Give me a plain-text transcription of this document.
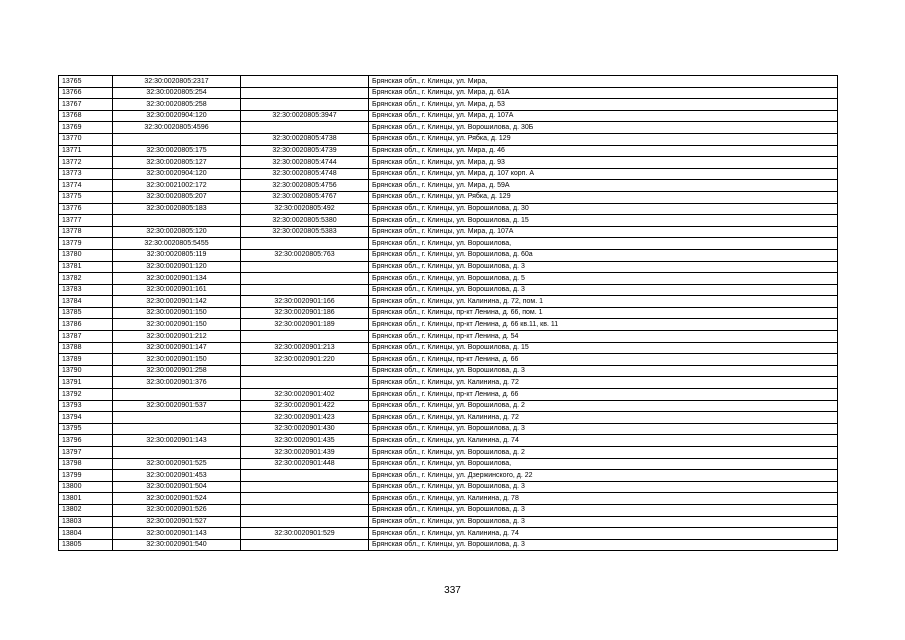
13765	32:30:0020805:2317		Брянская обл., г. Клинцы, ул. Мира,
13766	32:30:0020805:254		Брянская обл., г. Клинцы, ул. Мира, д. 61А
13767	32:30:0020805:258		Брянская обл., г. Клинцы, ул. Мира, д. 53
13768	32:30:0020904:120	32:30:0020805:3947	Брянская обл., г. Клинцы, ул. Мира, д. 107А
13769	32:30:0020805:4596		Брянская обл., г. Клинцы, ул. Ворошилова, д. 30Б
13770		32:30:0020805:4738	Брянская обл., г. Клинцы, ул. Рябка, д. 129
13771	32:30:0020805:175	32:30:0020805:4739	Брянская обл., г. Клинцы, ул. Мира, д. 46
13772	32:30:0020805:127	32:30:0020805:4744	Брянская обл., г. Клинцы, ул. Мира, д. 93
13773	32:30:0020904:120	32:30:0020805:4748	Брянская обл., г. Клинцы, ул. Мира, д. 107 корп. А
13774	32:30:0021002:172	32:30:0020805:4756	Брянская обл., г. Клинцы, ул. Мира, д. 59А
13775	32:30:0020805:207	32:30:0020805:4767	Брянская обл., г. Клинцы, ул. Рябка, д. 129
13776	32:30:0020805:183	32:30:0020805:492	Брянская обл., г. Клинцы, ул. Ворошилова, д. 30
13777		32:30:0020805:5380	Брянская обл., г. Клинцы, ул. Ворошилова, д. 15
13778	32:30:0020805:120	32:30:0020805:5383	Брянская обл., г. Клинцы, ул. Мира, д. 107А
13779	32:30:0020805:5455		Брянская обл., г. Клинцы, ул. Ворошилова,
13780	32:30:0020805:119	32:30:0020805:763	Брянская обл., г. Клинцы, ул. Ворошилова, д. 60а
13781	32:30:0020901:120		Брянская обл., г. Клинцы, ул. Ворошилова, д. 3
13782	32:30:0020901:134		Брянская обл., г. Клинцы, ул. Ворошилова, д. 5
13783	32:30:0020901:161		Брянская обл., г. Клинцы, ул. Ворошилова, д. 3
13784	32:30:0020901:142	32:30:0020901:166	Брянская обл., г. Клинцы, ул. Калинина, д. 72, пом. 1
13785	32:30:0020901:150	32:30:0020901:186	Брянская обл., г. Клинцы, пр-кт Ленина, д. 66, пом. 1
13786	32:30:0020901:150	32:30:0020901:189	Брянская обл., г. Клинцы, пр-кт Ленина, д. 66 кв.11, кв. 11
13787	32:30:0020901:212		Брянская обл., г. Клинцы, пр-кт Ленина, д. 54
13788	32:30:0020901:147	32:30:0020901:213	Брянская обл., г. Клинцы, ул. Ворошилова, д. 15
13789	32:30:0020901:150	32:30:0020901:220	Брянская обл., г. Клинцы, пр-кт Ленина, д. 66
13790	32:30:0020901:258		Брянская обл., г. Клинцы, ул. Ворошилова, д. 3
13791	32:30:0020901:376		Брянская обл., г. Клинцы, ул. Калинина, д. 72
13792		32:30:0020901:402	Брянская обл., г. Клинцы, пр-кт Ленина, д. 66
13793	32:30:0020901:537	32:30:0020901:422	Брянская обл., г. Клинцы, ул. Ворошилова, д. 2
13794		32:30:0020901:423	Брянская обл., г. Клинцы, ул. Калинина, д. 72
13795		32:30:0020901:430	Брянская обл., г. Клинцы, ул. Ворошилова, д. 3
13796	32:30:0020901:143	32:30:0020901:435	Брянская обл., г. Клинцы, ул. Калинина, д. 74
13797		32:30:0020901:439	Брянская обл., г. Клинцы, ул. Ворошилова, д. 2
13798	32:30:0020901:525	32:30:0020901:448	Брянская обл., г. Клинцы, ул. Ворошилова,
13799	32:30:0020901:453		Брянская обл., г. Клинцы, ул. Дзержинского, д. 22
13800	32:30:0020901:504		Брянская обл., г. Клинцы, ул. Ворошилова, д. 3
13801	32:30:0020901:524		Брянская обл., г. Клинцы, ул. Калинина, д. 78
13802	32:30:0020901:526		Брянская обл., г. Клинцы, ул. Ворошилова, д. 3
13803	32:30:0020901:527		Брянская обл., г. Клинцы, ул. Ворошилова, д. 3
13804	32:30:0020901:143	32:30:0020901:529	Брянская обл., г. Клинцы, ул. Калинина, д. 74
13805	32:30:0020901:540		Брянская обл., г. Клинцы, ул. Ворошилова, д. 3
337
